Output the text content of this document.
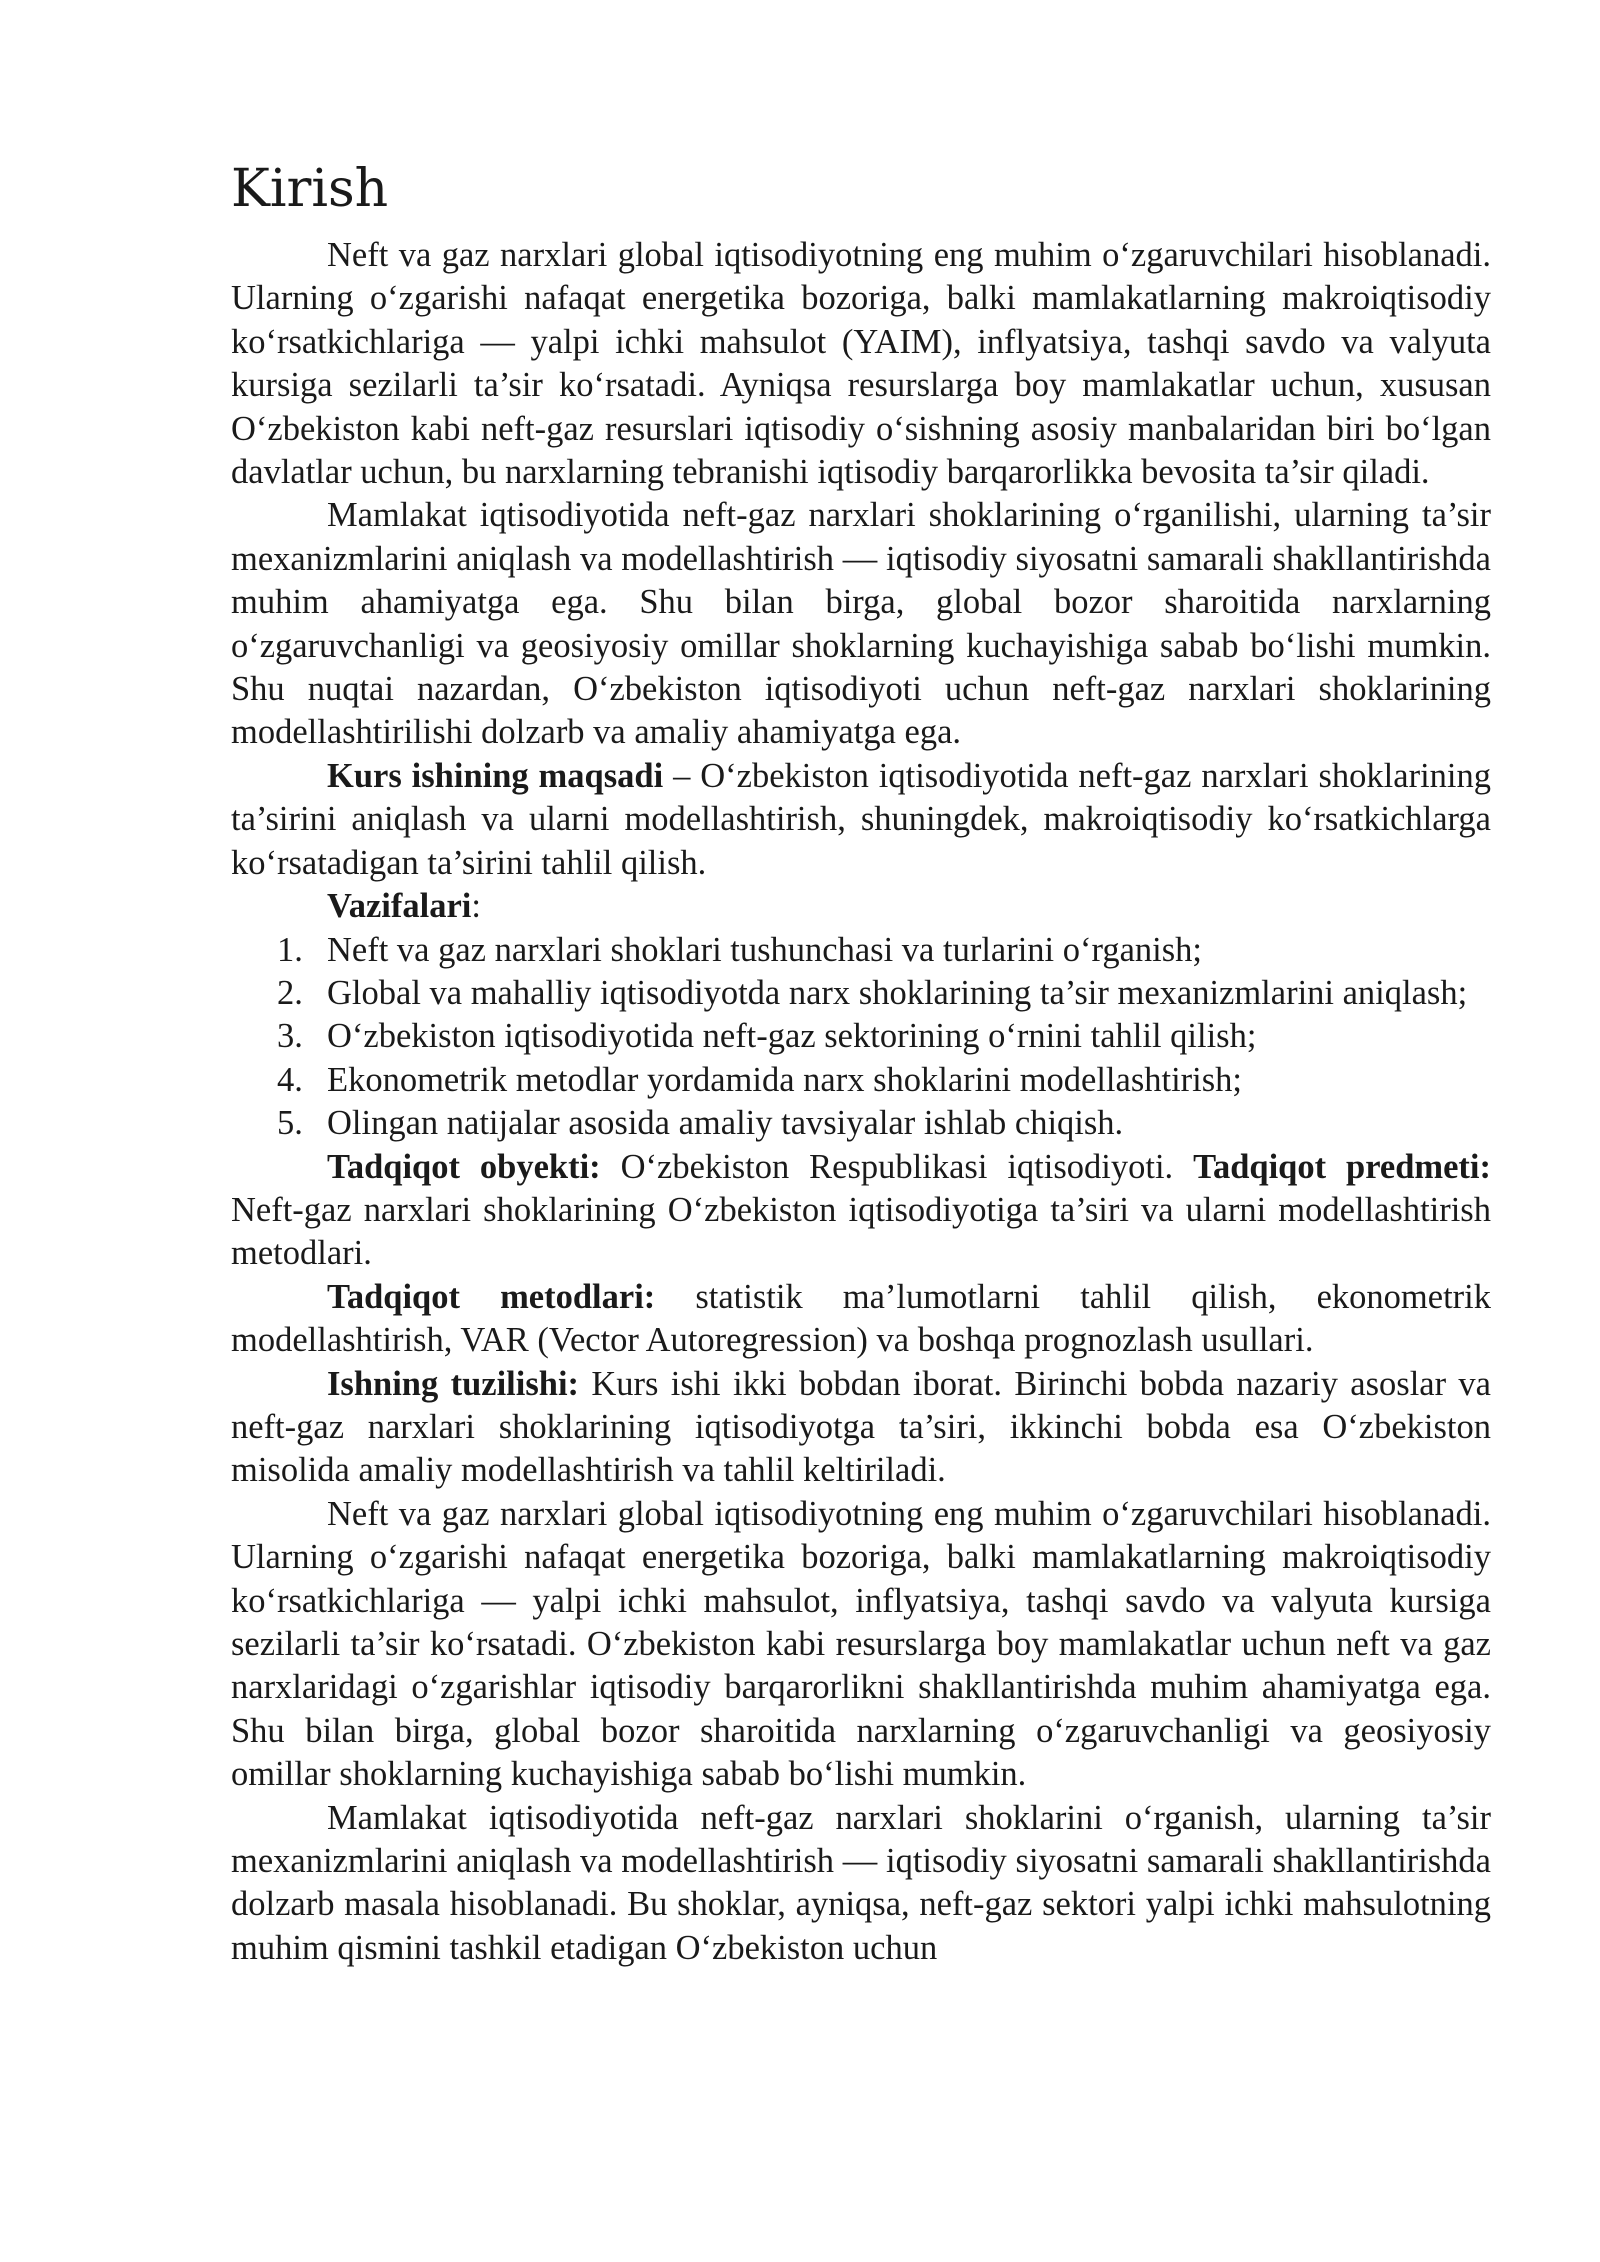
Kirish

Neft va gaz narxlari global iqtisodiyotning eng muhim o‘zgaruvchilari hisoblanadi. Ularning o‘zgarishi nafaqat energetika bozoriga, balki mamlakatlarning makroiqtisodiy ko‘rsatkichlariga — yalpi ichki mahsulot (YAIM), inflyatsiya, tashqi savdo va valyuta kursiga sezilarli ta’sir ko‘rsatadi. Ayniqsa resurslarga boy mamlakatlar uchun, xususan O‘zbekiston kabi neft-gaz resurslari iqtisodiy o‘sishning asosiy manbalaridan biri bo‘lgan davlatlar uchun, bu narxlarning tebranishi iqtisodiy barqarorlikka bevosita ta’sir qiladi.

Mamlakat iqtisodiyotida neft-gaz narxlari shoklarining o‘rganilishi, ularning ta’sir mexanizmlarini aniqlash va modellashtirish — iqtisodiy siyosatni samarali shakllantirishda muhim ahamiyatga ega. Shu bilan birga, global bozor sharoitida narxlarning o‘zgaruvchanligi va geosiyosiy omillar shoklarning kuchayishiga sabab bo‘lishi mumkin. Shu nuqtai nazardan, O‘zbekiston iqtisodiyoti uchun neft-gaz narxlari shoklarining modellashtirilishi dolzarb va amaliy ahamiyatga ega.

Kurs ishining maqsadi – O‘zbekiston iqtisodiyotida neft-gaz narxlari shoklarining ta’sirini aniqlash va ularni modellashtirish, shuningdek, makroiqtisodiy ko‘rsatkichlarga ko‘rsatadigan ta’sirini tahlil qilish.

Vazifalari:

1. Neft va gaz narxlari shoklari tushunchasi va turlarini o‘rganish;
2. Global va mahalliy iqtisodiyotda narx shoklarining ta’sir mexanizmlarini aniqlash;
3. O‘zbekiston iqtisodiyotida neft-gaz sektorining o‘rnini tahlil qilish;
4. Ekonometrik metodlar yordamida narx shoklarini modellashtirish;
5. Olingan natijalar asosida amaliy tavsiyalar ishlab chiqish.

Tadqiqot obyekti: O‘zbekiston Respublikasi iqtisodiyoti. Tadqiqot predmeti: Neft-gaz narxlari shoklarining O‘zbekiston iqtisodiyotiga ta’siri va ularni modellashtirish metodlari.

Tadqiqot metodlari: statistik ma’lumotlarni tahlil qilish, ekonometrik modellashtirish, VAR (Vector Autoregression) va boshqa prognozlash usullari.

Ishning tuzilishi: Kurs ishi ikki bobdan iborat. Birinchi bobda nazariy asoslar va neft-gaz narxlari shoklarining iqtisodiyotga ta’siri, ikkinchi bobda esa O‘zbekiston misolida amaliy modellashtirish va tahlil keltiriladi.

Neft va gaz narxlari global iqtisodiyotning eng muhim o‘zgaruvchilari hisoblanadi. Ularning o‘zgarishi nafaqat energetika bozoriga, balki mamlakatlarning makroiqtisodiy ko‘rsatkichlariga — yalpi ichki mahsulot, inflyatsiya, tashqi savdo va valyuta kursiga sezilarli ta’sir ko‘rsatadi. O‘zbekiston kabi resurslarga boy mamlakatlar uchun neft va gaz narxlaridagi o‘zgarishlar iqtisodiy barqarorlikni shakllantirishda muhim ahamiyatga ega. Shu bilan birga, global bozor sharoitida narxlarning o‘zgaruvchanligi va geosiyosiy omillar shoklarning kuchayishiga sabab bo‘lishi mumkin.

Mamlakat iqtisodiyotida neft-gaz narxlari shoklarini o‘rganish, ularning ta’sir mexanizmlarini aniqlash va modellashtirish — iqtisodiy siyosatni samarali shakllantirishda dolzarb masala hisoblanadi. Bu shoklar, ayniqsa, neft-gaz sektori yalpi ichki mahsulotning muhim qismini tashkil etadigan O‘zbekiston uchun
